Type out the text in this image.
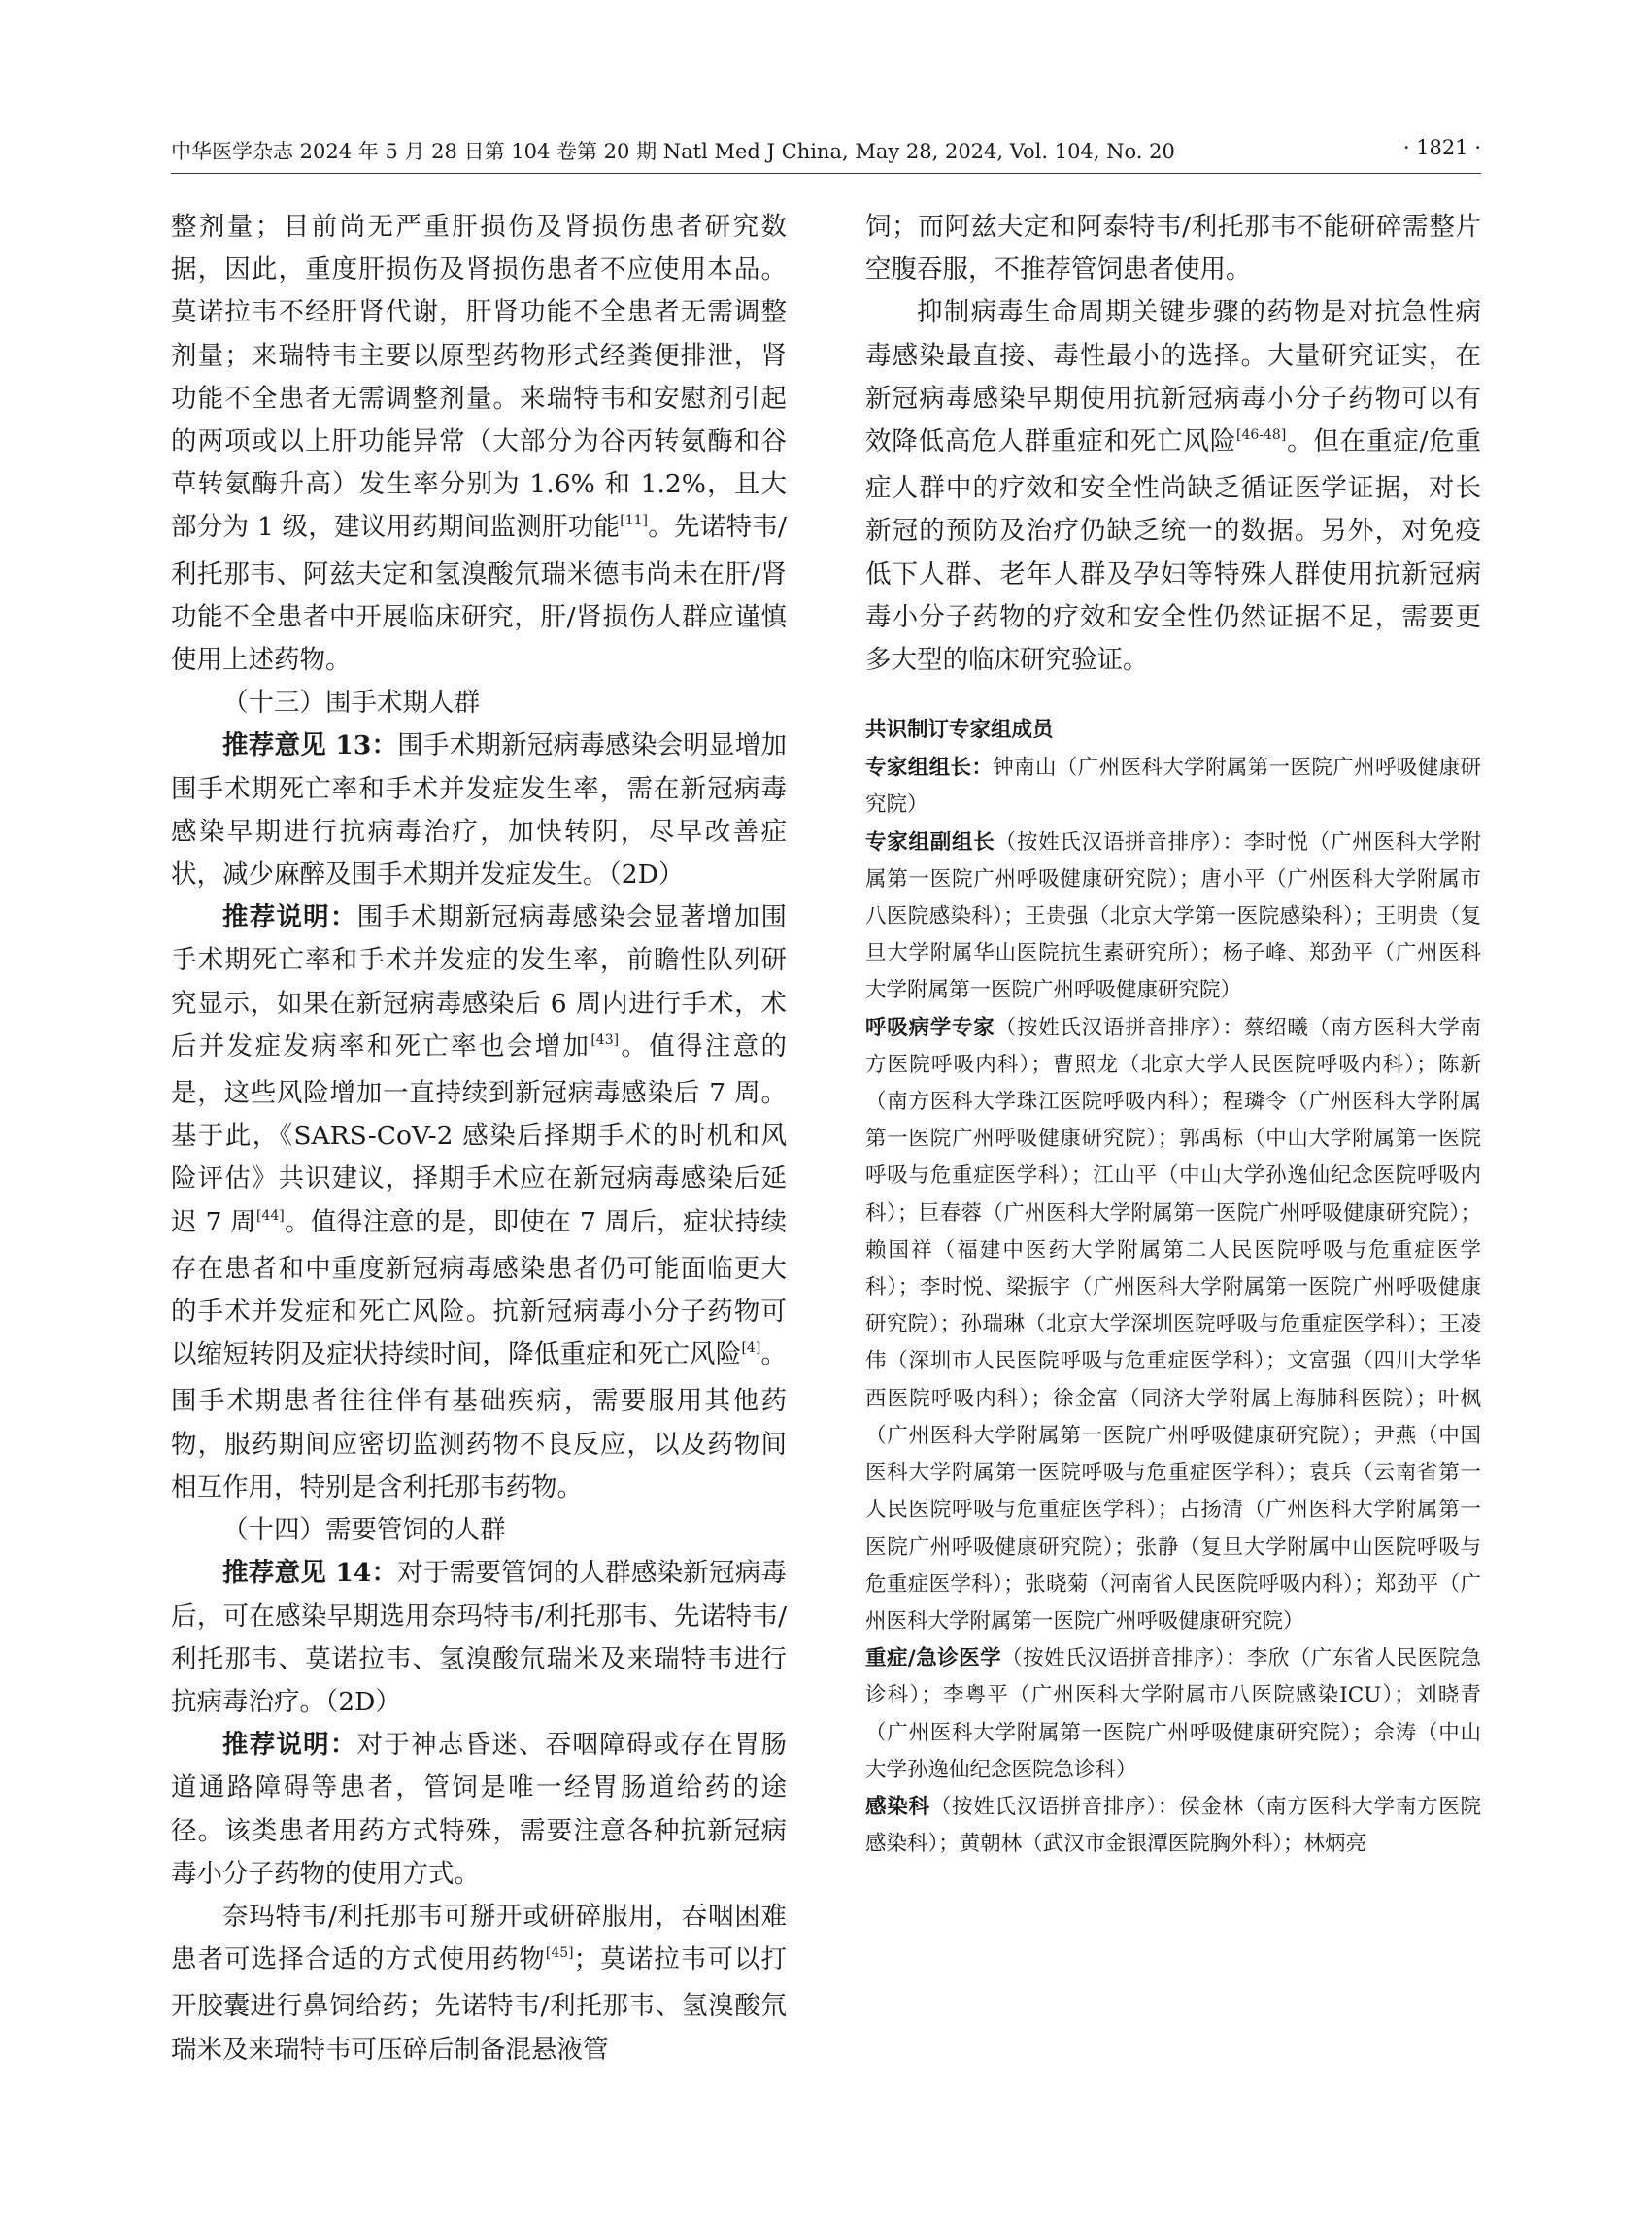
中华医学杂志 2024 年 5 月 28 日第 104 卷第 20 期 Natl Med J China, May 28, 2024, Vol. 104, No. 20	· 1821 ·

整剂量；目前尚无严重肝损伤及肾损伤患者研究数据，因此，重度肝损伤及肾损伤患者不应使用本品。莫诺拉韦不经肝肾代谢，肝肾功能不全患者无需调整剂量；来瑞特韦主要以原型药物形式经粪便排泄，肾功能不全患者无需调整剂量。来瑞特韦和安慰剂引起的两项或以上肝功能异常（大部分为谷丙转氨酶和谷草转氨酶升高）发生率分别为 1.6% 和 1.2%，且大部分为 1 级，建议用药期间监测肝功能[11]。先诺特韦/利托那韦、阿兹夫定和氢溴酸氘瑞米德韦尚未在肝/肾功能不全患者中开展临床研究，肝/肾损伤人群应谨慎使用上述药物。

（十三）围手术期人群

推荐意见 13：围手术期新冠病毒感染会明显增加围手术期死亡率和手术并发症发生率，需在新冠病毒感染早期进行抗病毒治疗，加快转阴，尽早改善症状，减少麻醉及围手术期并发症发生。（2D）

推荐说明：围手术期新冠病毒感染会显著增加围手术期死亡率和手术并发症的发生率，前瞻性队列研究显示，如果在新冠病毒感染后 6 周内进行手术，术后并发症发病率和死亡率也会增加[43]。值得注意的是，这些风险增加一直持续到新冠病毒感染后 7 周。基于此，《SARS-CoV-2 感染后择期手术的时机和风险评估》共识建议，择期手术应在新冠病毒感染后延迟 7 周[44]。值得注意的是，即使在 7 周后，症状持续存在患者和中重度新冠病毒感染患者仍可能面临更大的手术并发症和死亡风险。抗新冠病毒小分子药物可以缩短转阴及症状持续时间，降低重症和死亡风险[4]。围手术期患者往往伴有基础疾病，需要服用其他药物，服药期间应密切监测药物不良反应，以及药物间相互作用，特别是含利托那韦药物。

（十四）需要管饲的人群

推荐意见 14：对于需要管饲的人群感染新冠病毒后，可在感染早期选用奈玛特韦/利托那韦、先诺特韦/利托那韦、莫诺拉韦、氢溴酸氘瑞米及来瑞特韦进行抗病毒治疗。（2D）

推荐说明：对于神志昏迷、吞咽障碍或存在胃肠道通路障碍等患者，管饲是唯一经胃肠道给药的途径。该类患者用药方式特殊，需要注意各种抗新冠病毒小分子药物的使用方式。

奈玛特韦/利托那韦可掰开或研碎服用，吞咽困难患者可选择合适的方式使用药物[45]；莫诺拉韦可以打开胶囊进行鼻饲给药；先诺特韦/利托那韦、氢溴酸氘瑞米及来瑞特韦可压碎后制备混悬液管

饲；而阿兹夫定和阿泰特韦/利托那韦不能研碎需整片空腹吞服，不推荐管饲患者使用。

抑制病毒生命周期关键步骤的药物是对抗急性病毒感染最直接、毒性最小的选择。大量研究证实，在新冠病毒感染早期使用抗新冠病毒小分子药物可以有效降低高危人群重症和死亡风险[46-48]。但在重症/危重症人群中的疗效和安全性尚缺乏循证医学证据，对长新冠的预防及治疗仍缺乏统一的数据。另外，对免疫低下人群、老年人群及孕妇等特殊人群使用抗新冠病毒小分子药物的疗效和安全性仍然证据不足，需要更多大型的临床研究验证。

共识制订专家组成员

专家组组长：钟南山（广州医科大学附属第一医院广州呼吸健康研究院）

专家组副组长（按姓氏汉语拼音排序）：李时悦（广州医科大学附属第一医院广州呼吸健康研究院）；唐小平（广州医科大学附属市八医院感染科）；王贵强（北京大学第一医院感染科）；王明贵（复旦大学附属华山医院抗生素研究所）；杨子峰、郑劲平（广州医科大学附属第一医院广州呼吸健康研究院）

呼吸病学专家（按姓氏汉语拼音排序）：蔡绍曦（南方医科大学南方医院呼吸内科）；曹照龙（北京大学人民医院呼吸内科）；陈新（南方医科大学珠江医院呼吸内科）；程璘令（广州医科大学附属第一医院广州呼吸健康研究院）；郭禹标（中山大学附属第一医院呼吸与危重症医学科）；江山平（中山大学孙逸仙纪念医院呼吸内科）；巨春蓉（广州医科大学附属第一医院广州呼吸健康研究院）；赖国祥（福建中医药大学附属第二人民医院呼吸与危重症医学科）；李时悦、梁振宇（广州医科大学附属第一医院广州呼吸健康研究院）；孙瑞琳（北京大学深圳医院呼吸与危重症医学科）；王凌伟（深圳市人民医院呼吸与危重症医学科）；文富强（四川大学华西医院呼吸内科）；徐金富（同济大学附属上海肺科医院）；叶枫（广州医科大学附属第一医院广州呼吸健康研究院）；尹燕（中国医科大学附属第一医院呼吸与危重症医学科）；袁兵（云南省第一人民医院呼吸与危重症医学科）；占扬清（广州医科大学附属第一医院广州呼吸健康研究院）；张静（复旦大学附属中山医院呼吸与危重症医学科）；张晓菊（河南省人民医院呼吸内科）；郑劲平（广州医科大学附属第一医院广州呼吸健康研究院）

重症/急诊医学（按姓氏汉语拼音排序）：李欣（广东省人民医院急诊科）；李粤平（广州医科大学附属市八医院感染ICU）；刘晓青（广州医科大学附属第一医院广州呼吸健康研究院）；佘涛（中山大学孙逸仙纪念医院急诊科）

感染科（按姓氏汉语拼音排序）：侯金林（南方医科大学南方医院感染科）；黄朝林（武汉市金银潭医院胸外科）；林炳亮
